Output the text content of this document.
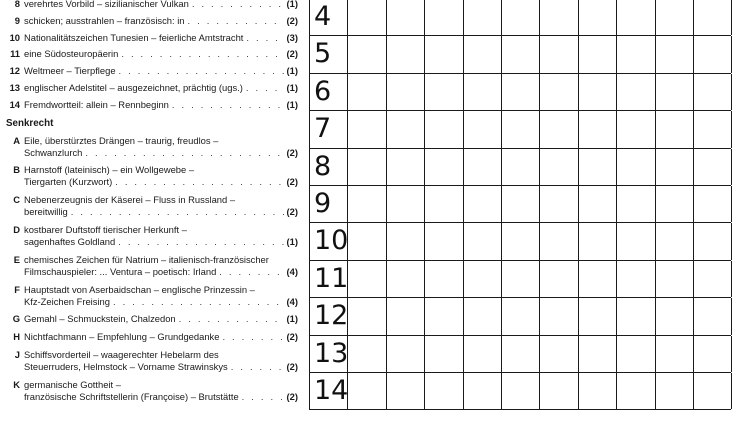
8 verehrtes Vorbild – sizilianischer Vulkan . . .	(1)
9 schicken; ausstrahlen – französisch: in . . .	(2)
10 Nationalitätszeichen Tunesien – feierliche Amtstracht . . .	(3)
11 eine Südosteuropäerin . . .	(2)
12 Weltmeer – Tierpflege . . .	(1)
13 englischer Adelstitel – ausgezeichnet, prächtig (ugs.) . . .	(1)
14 Fremdwortteil: allein – Rennbeginn . . .	(1)
Senkrecht
A Eile, überstürztes Drängen – traurig, freudlos –
Schwanzlurch . . .	(2)
B Harnstoff (lateinisch) – ein Wollgewebe –
Tiergarten (Kurzwort) . . .	(2)
C Nebenerzeugnis der Käserei – Fluss in Russland –
bereitwillig . . .	(2)
D kostbarer Duftstoff tierischer Herkunft –
sagenhaftes Goldland . . .	(1)
E chemisches Zeichen für Natrium – italienisch-französischer
Filmschauspieler: ... Ventura – poetisch: Irland . . .	(4)
F Hauptstadt von Aserbaidschan – englische Prinzessin –
Kfz-Zeichen Freising . . .	(4)
G Gemahl – Schmuckstein, Chalzedon . . .	(1)
H Nichtfachmann – Empfehlung – Grundgedanke . . .	(2)
J Schiffsvorderteil – waagerechter Hebelarm des
Steuerruders, Helmstock – Vorname Strawinskys . . .	(2)
K germanische Gottheit –
französische Schriftstellerin (Françoise) – Brutstätte . . .	(2)
4
5
6
7
8
9
10
11
12
13
14
